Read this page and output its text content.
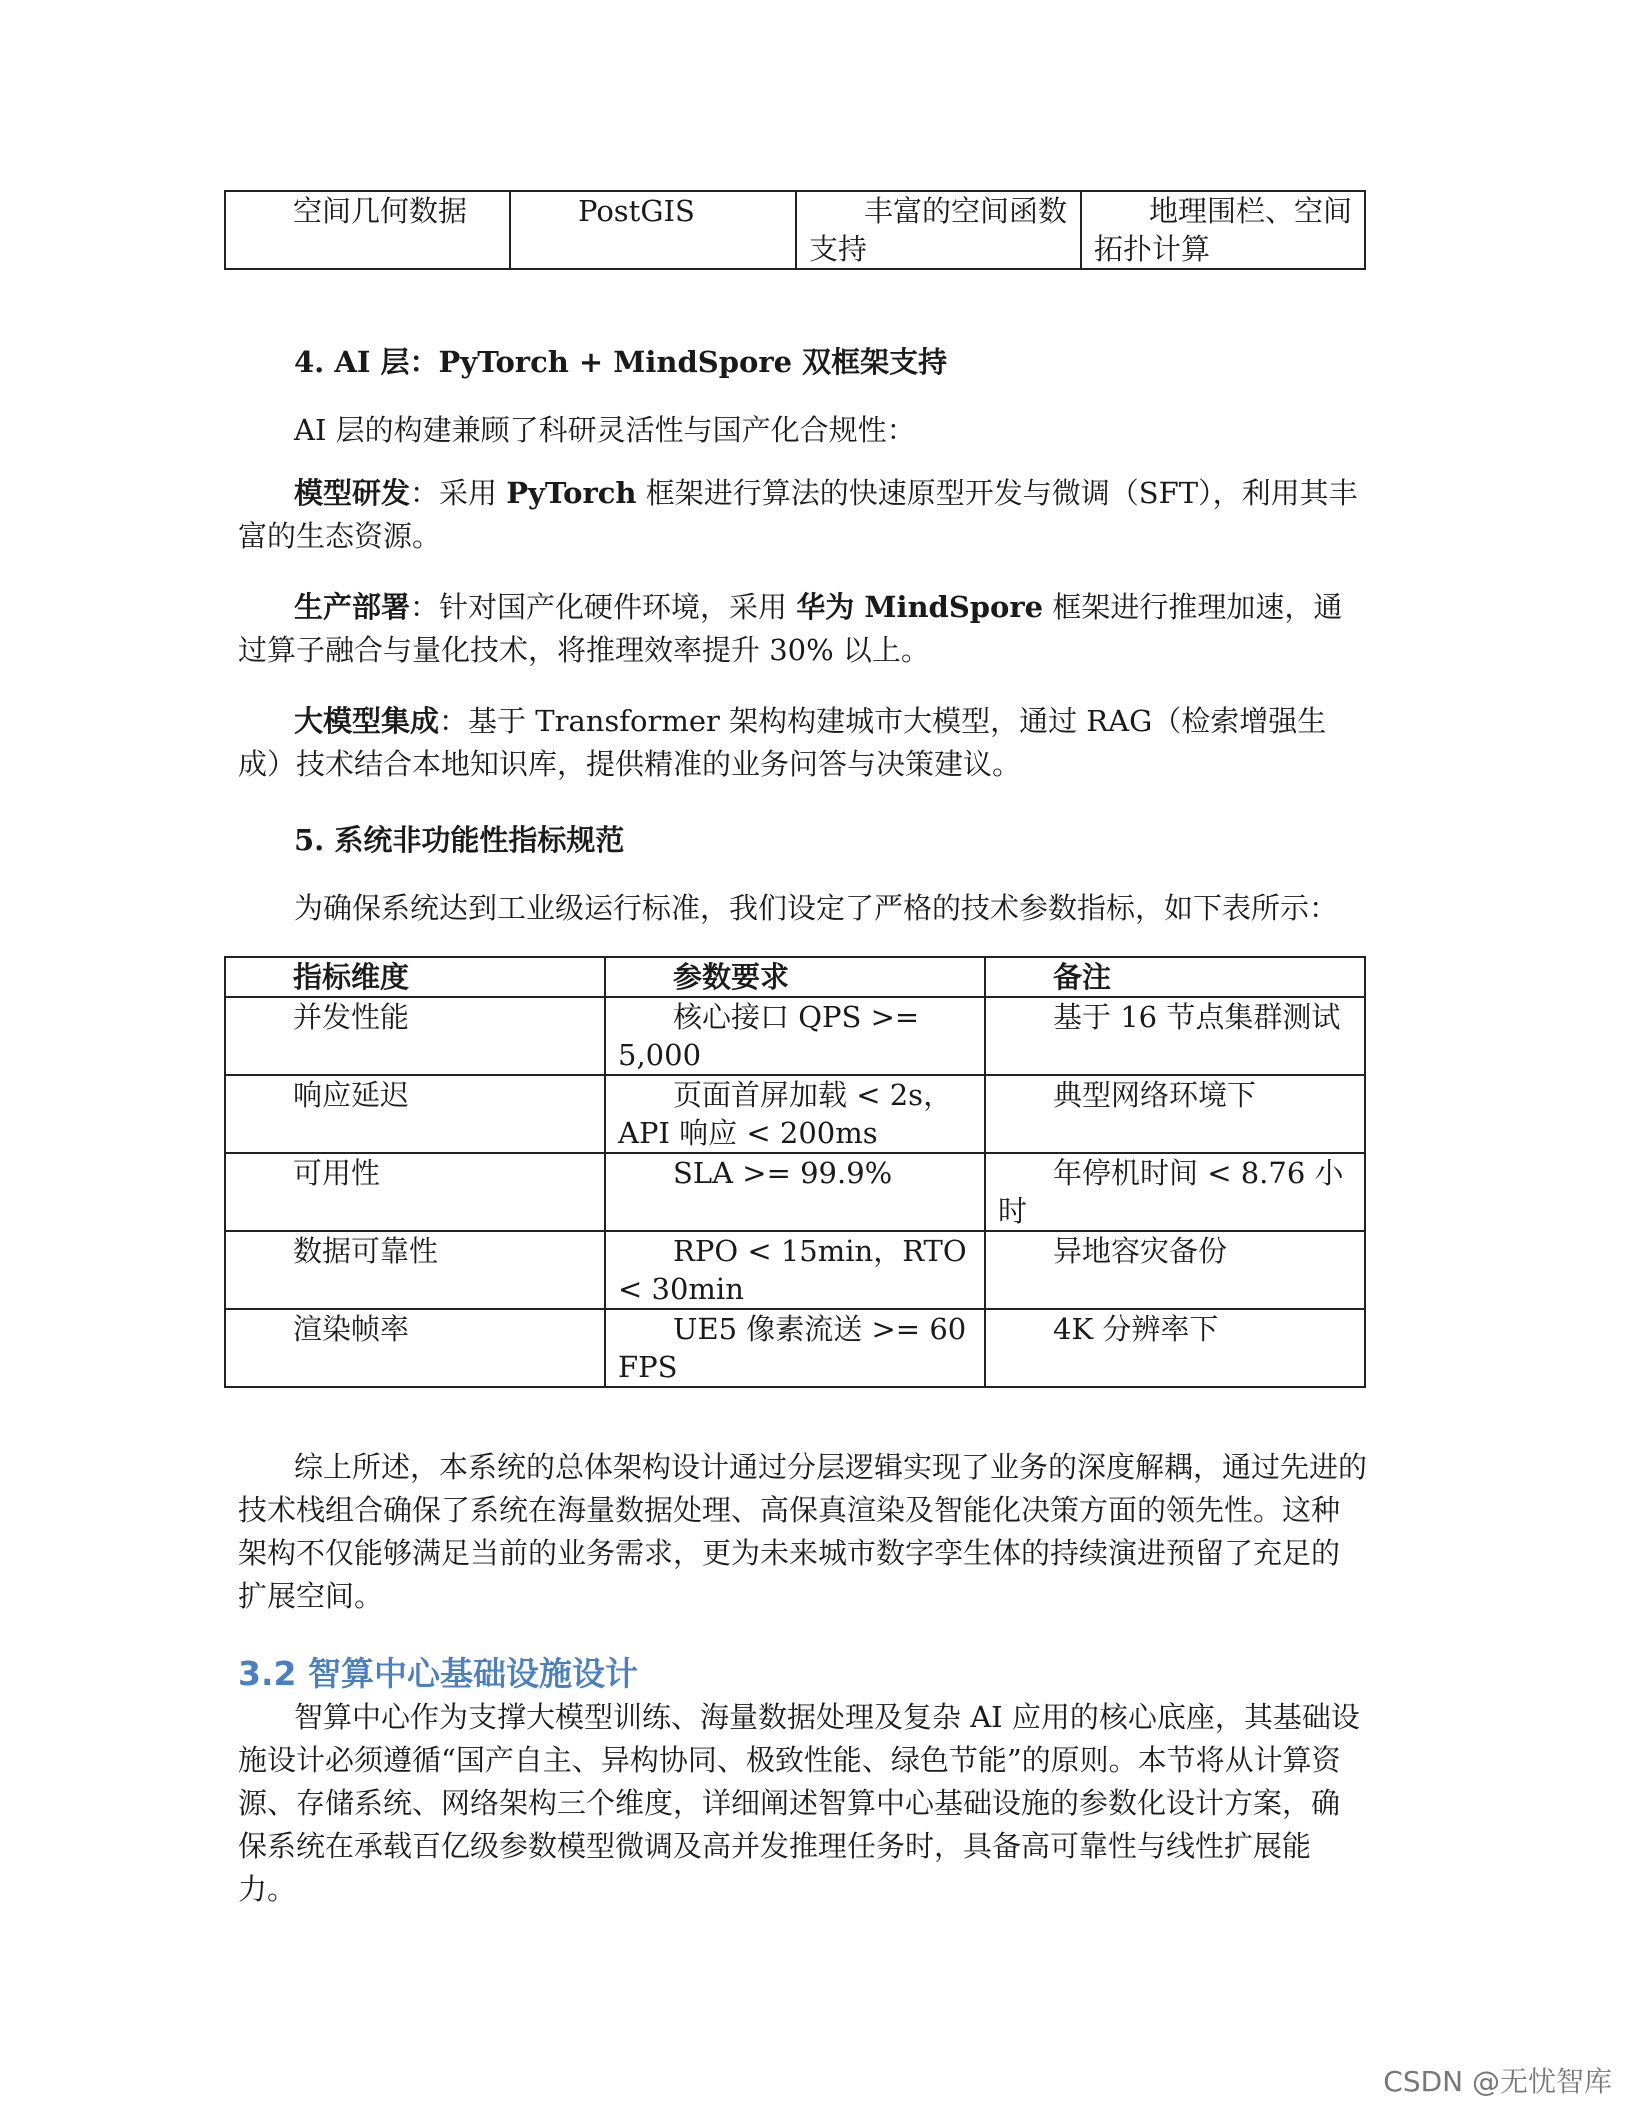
空间几何数据	PostGIS	丰富的空间函数支持	地理围栏、空间拓扑计算
4. AI 层：PyTorch + MindSpore 双框架支持
AI 层的构建兼顾了科研灵活性与国产化合规性：

模型研发：采用 PyTorch 框架进行算法的快速原型开发与微调（SFT），利用其丰富的生态资源。

生产部署：针对国产化硬件环境，采用 华为 MindSpore 框架进行推理加速，通过算子融合与量化技术，将推理效率提升 30% 以上。

大模型集成：基于 Transformer 架构构建城市大模型，通过 RAG（检索增强生成）技术结合本地知识库，提供精准的业务问答与决策建议。

5. 系统非功能性指标规范
为确保系统达到工业级运行标准，我们设定了严格的技术参数指标，如下表所示：
指标维度	参数要求	备注
并发性能	核心接口 QPS >= 5,000	基于 16 节点集群测试
响应延迟	页面首屏加载 < 2s，API 响应 < 200ms	典型网络环境下
可用性	SLA >= 99.9%	年停机时间 < 8.76 小时
数据可靠性	RPO < 15min，RTO < 30min	异地容灾备份
渲染帧率	UE5 像素流送 >= 60 FPS	4K 分辨率下

综上所述，本系统的总体架构设计通过分层逻辑实现了业务的深度解耦，通过先进的技术栈组合确保了系统在海量数据处理、高保真渲染及智能化决策方面的领先性。这种架构不仅能够满足当前的业务需求，更为未来城市数字孪生体的持续演进预留了充足的扩展空间。

3.2 智算中心基础设施设计

智算中心作为支撑大模型训练、海量数据处理及复杂 AI 应用的核心底座，其基础设施设计必须遵循“国产自主、异构协同、极致性能、绿色节能”的原则。本节将从计算资源、存储系统、网络架构三个维度，详细阐述智算中心基础设施的参数化设计方案，确保系统在承载百亿级参数模型微调及高并发推理任务时，具备高可靠性与线性扩展能力。

CSDN @无忧智库
